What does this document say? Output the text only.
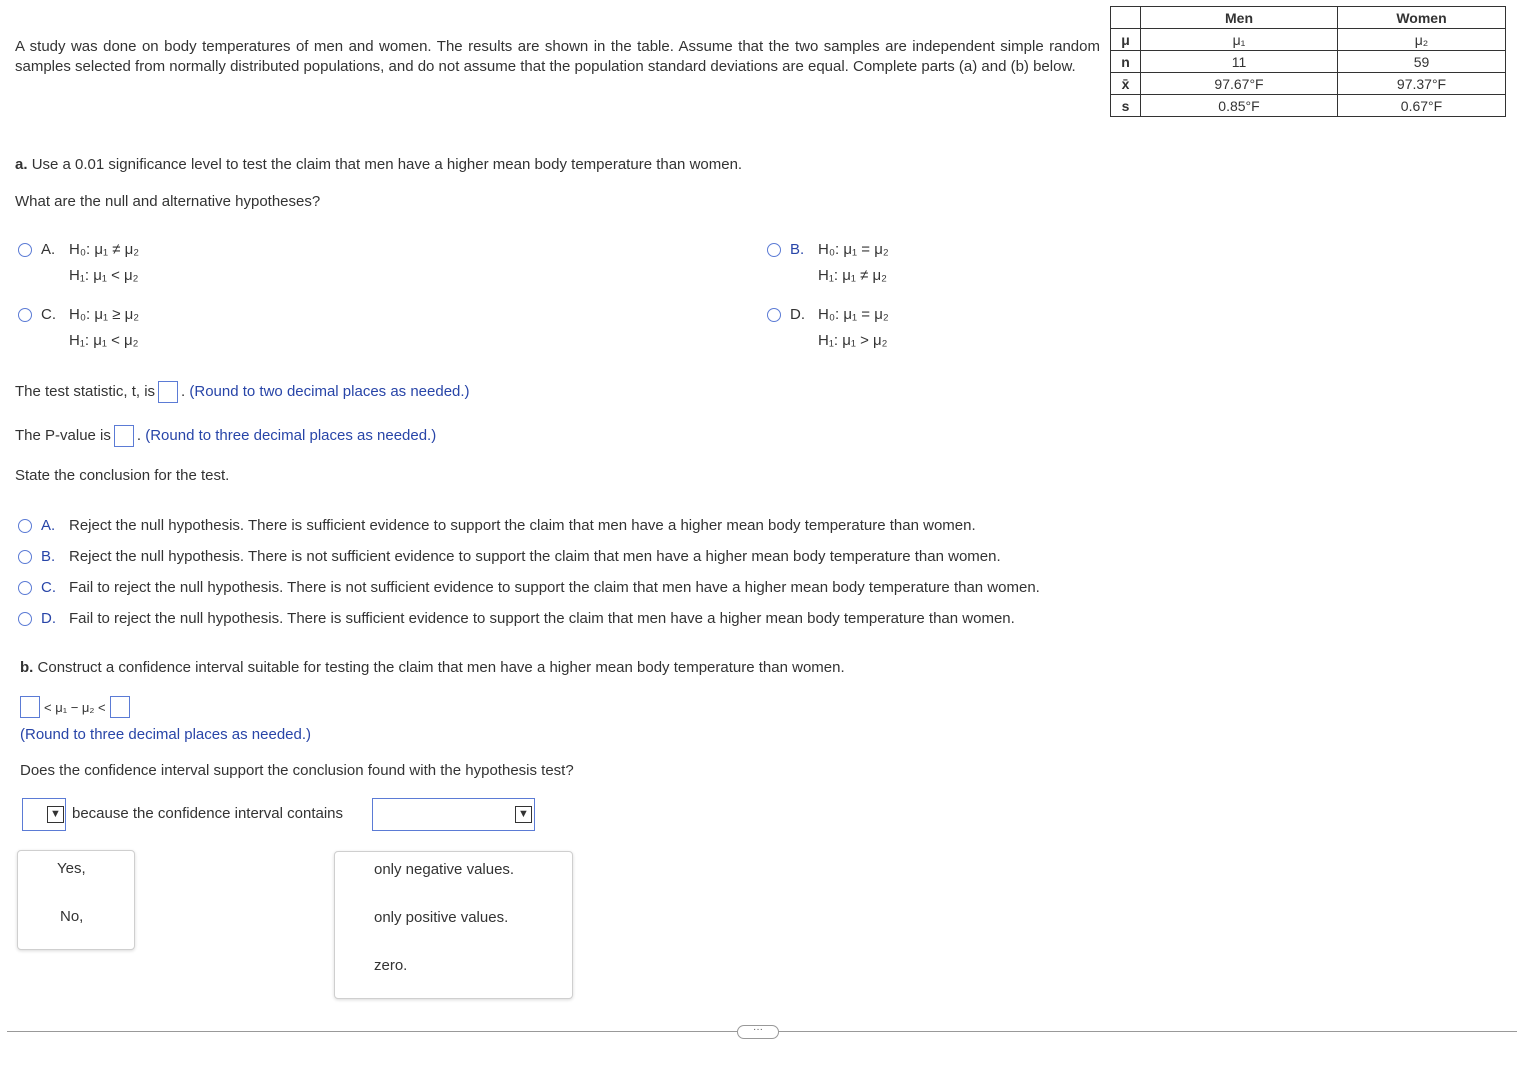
A study was done on body temperatures of men and women. The results are shown in the table. Assume that the two samples are independent simple random samples selected from normally distributed populations, and do not assume that the population standard deviations are equal. Complete parts (a) and (b) below.
	Men	Women
μ	μ₁	μ₂
n	11	59
x̄	97.67°F	97.37°F
s	0.85°F	0.67°F
a. Use a 0.01 significance level to test the claim that men have a higher mean body temperature than women.
What are the null and alternative hypotheses?
A. H₀: μ₁ ≠ μ₂
H₁: μ₁ < μ₂
B. H₀: μ₁ = μ₂
H₁: μ₁ ≠ μ₂
C. H₀: μ₁ ≥ μ₂
H₁: μ₁ < μ₂
D. H₀: μ₁ = μ₂
H₁: μ₁ > μ₂
The test statistic, t, is . (Round to two decimal places as needed.)
The P-value is . (Round to three decimal places as needed.)
State the conclusion for the test.
A. Reject the null hypothesis. There is sufficient evidence to support the claim that men have a higher mean body temperature than women.
B. Reject the null hypothesis. There is not sufficient evidence to support the claim that men have a higher mean body temperature than women.
C. Fail to reject the null hypothesis. There is not sufficient evidence to support the claim that men have a higher mean body temperature than women.
D. Fail to reject the null hypothesis. There is sufficient evidence to support the claim that men have a higher mean body temperature than women.
b. Construct a confidence interval suitable for testing the claim that men have a higher mean body temperature than women.
< μ₁ − μ₂ <
(Round to three decimal places as needed.)
Does the confidence interval support the conclusion found with the hypothesis test?
▼ because the confidence interval contains	▼
Yes,
No,
only negative values.
only positive values.
zero.
···
